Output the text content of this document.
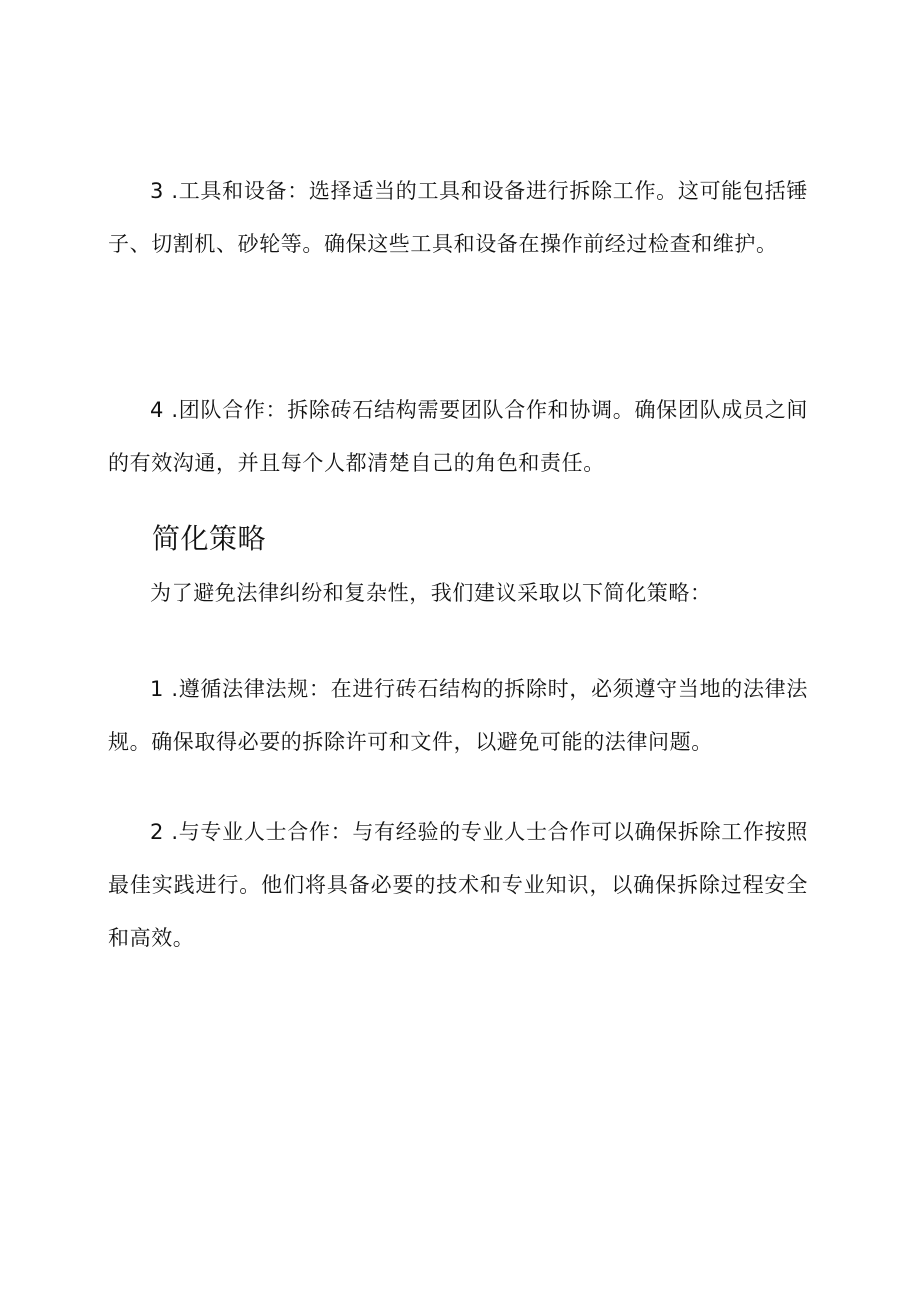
3 .工具和设备：选择适当的工具和设备进行拆除工作。这可能包括锤子、切割机、砂轮等。确保这些工具和设备在操作前经过检查和维护。

4 .团队合作：拆除砖石结构需要团队合作和协调。确保团队成员之间的有效沟通，并且每个人都清楚自己的角色和责任。

简化策略

为了避免法律纠纷和复杂性，我们建议采取以下简化策略：

1 .遵循法律法规：在进行砖石结构的拆除时，必须遵守当地的法律法规。确保取得必要的拆除许可和文件，以避免可能的法律问题。

2 .与专业人士合作：与有经验的专业人士合作可以确保拆除工作按照最佳实践进行。他们将具备必要的技术和专业知识，以确保拆除过程安全和高效。
